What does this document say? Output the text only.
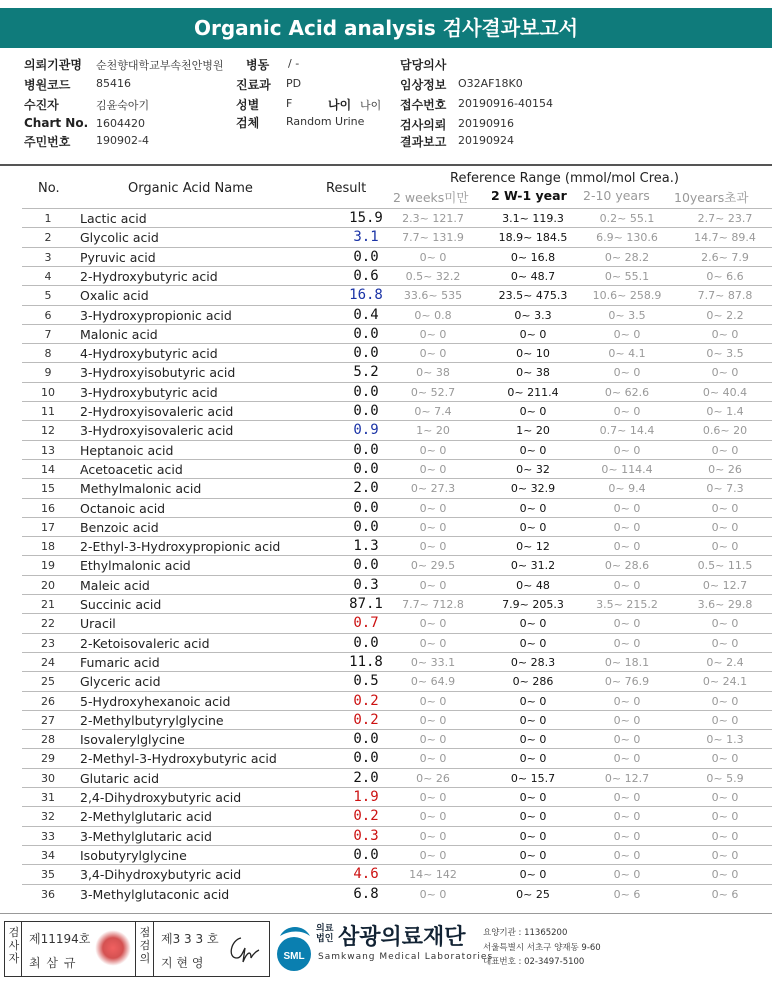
Organic Acid analysis 검사결과보고서
의뢰기관명 순천향대학교부속천안병원 병동 / -	담당의사
병원코드 85416	진료과 PD	임상정보 O32AF18K0
수진자	김윤숙아기	성별 F	나이 나이 접수번호 20190916-40154
Chart No. 1604420	검체 Random Urine	검사의뢰 20190916
주민번호 190902-4	결과보고 20190924
No.	Organic Acid Name	Result
Reference Range (mmol/mol Crea.)
2 weeks미만 2 W-1 year 2-10 years 10years초과
1	Lactic acid	15.9	2.3~ 121.7	3.1~ 119.3	0.2~ 55.1	2.7~ 23.7
2	Glycolic acid	3.1	7.7~ 131.9	18.9~ 184.5	6.9~ 130.6	14.7~ 89.4
3	Pyruvic acid	0.0	0~ 0	0~ 16.8	0~ 28.2	2.6~ 7.9
4	2-Hydroxybutyric acid	0.6	0.5~ 32.2	0~ 48.7	0~ 55.1	0~ 6.6
5	Oxalic acid	16.8	33.6~ 535	23.5~ 475.3	10.6~ 258.9	7.7~ 87.8
6	3-Hydroxypropionic acid	0.4	0~ 0.8	0~ 3.3	0~ 3.5	0~ 2.2
7	Malonic acid	0.0	0~ 0	0~ 0	0~ 0	0~ 0
8	4-Hydroxybutyric acid	0.0	0~ 0	0~ 10	0~ 4.1	0~ 3.5
9	3-Hydroxyisobutyric acid	5.2	0~ 38	0~ 38	0~ 0	0~ 0
10	3-Hydroxybutyric acid	0.0	0~ 52.7	0~ 211.4	0~ 62.6	0~ 40.4
11	2-Hydroxyisovaleric acid	0.0	0~ 7.4	0~ 0	0~ 0	0~ 1.4
12	3-Hydroxyisovaleric acid	0.9	1~ 20	1~ 20	0.7~ 14.4	0.6~ 20
13	Heptanoic acid	0.0	0~ 0	0~ 0	0~ 0	0~ 0
14	Acetoacetic acid	0.0	0~ 0	0~ 32	0~ 114.4	0~ 26
15	Methylmalonic acid	2.0	0~ 27.3	0~ 32.9	0~ 9.4	0~ 7.3
16	Octanoic acid	0.0	0~ 0	0~ 0	0~ 0	0~ 0
17	Benzoic acid	0.0	0~ 0	0~ 0	0~ 0	0~ 0
18	2-Ethyl-3-Hydroxypropionic acid	1.3	0~ 0	0~ 12	0~ 0	0~ 0
19	Ethylmalonic acid	0.0	0~ 29.5	0~ 31.2	0~ 28.6	0.5~ 11.5
20	Maleic acid	0.3	0~ 0	0~ 48	0~ 0	0~ 12.7
21	Succinic acid	87.1	7.7~ 712.8	7.9~ 205.3	3.5~ 215.2	3.6~ 29.8
22	Uracil	0.7	0~ 0	0~ 0	0~ 0	0~ 0
23	2-Ketoisovaleric acid	0.0	0~ 0	0~ 0	0~ 0	0~ 0
24	Fumaric acid	11.8	0~ 33.1	0~ 28.3	0~ 18.1	0~ 2.4
25	Glyceric acid	0.5	0~ 64.9	0~ 286	0~ 76.9	0~ 24.1
26	5-Hydroxyhexanoic acid	0.2	0~ 0	0~ 0	0~ 0	0~ 0
27	2-Methylbutyrylglycine	0.2	0~ 0	0~ 0	0~ 0	0~ 0
28	Isovalerylglycine	0.0	0~ 0	0~ 0	0~ 0	0~ 1.3
29	2-Methyl-3-Hydroxybutyric acid	0.0	0~ 0	0~ 0	0~ 0	0~ 0
30	Glutaric acid	2.0	0~ 26	0~ 15.7	0~ 12.7	0~ 5.9
31	2,4-Dihydroxybutyric acid	1.9	0~ 0	0~ 0	0~ 0	0~ 0
32	2-Methylglutaric acid	0.2	0~ 0	0~ 0	0~ 0	0~ 0
33	3-Methylglutaric acid	0.3	0~ 0	0~ 0	0~ 0	0~ 0
34	Isobutyrylglycine	0.0	0~ 0	0~ 0	0~ 0	0~ 0
35	3,4-Dihydroxybutyric acid	4.6	14~ 142	0~ 0	0~ 0	0~ 0
36	3-Methylglutaconic acid	6.8	0~ 0	0~ 25	0~ 6	0~ 6
검
사
자
제11194호
최 삼 규
점
검
의
제3 3 3 호
지 현 영	SML
의료
법인 삼광의료재단
Samkwang Medical Laboratories
요양기관 : 11365200
서울특별시 서초구 양재동 9-60
대표번호 : 02-3497-5100
